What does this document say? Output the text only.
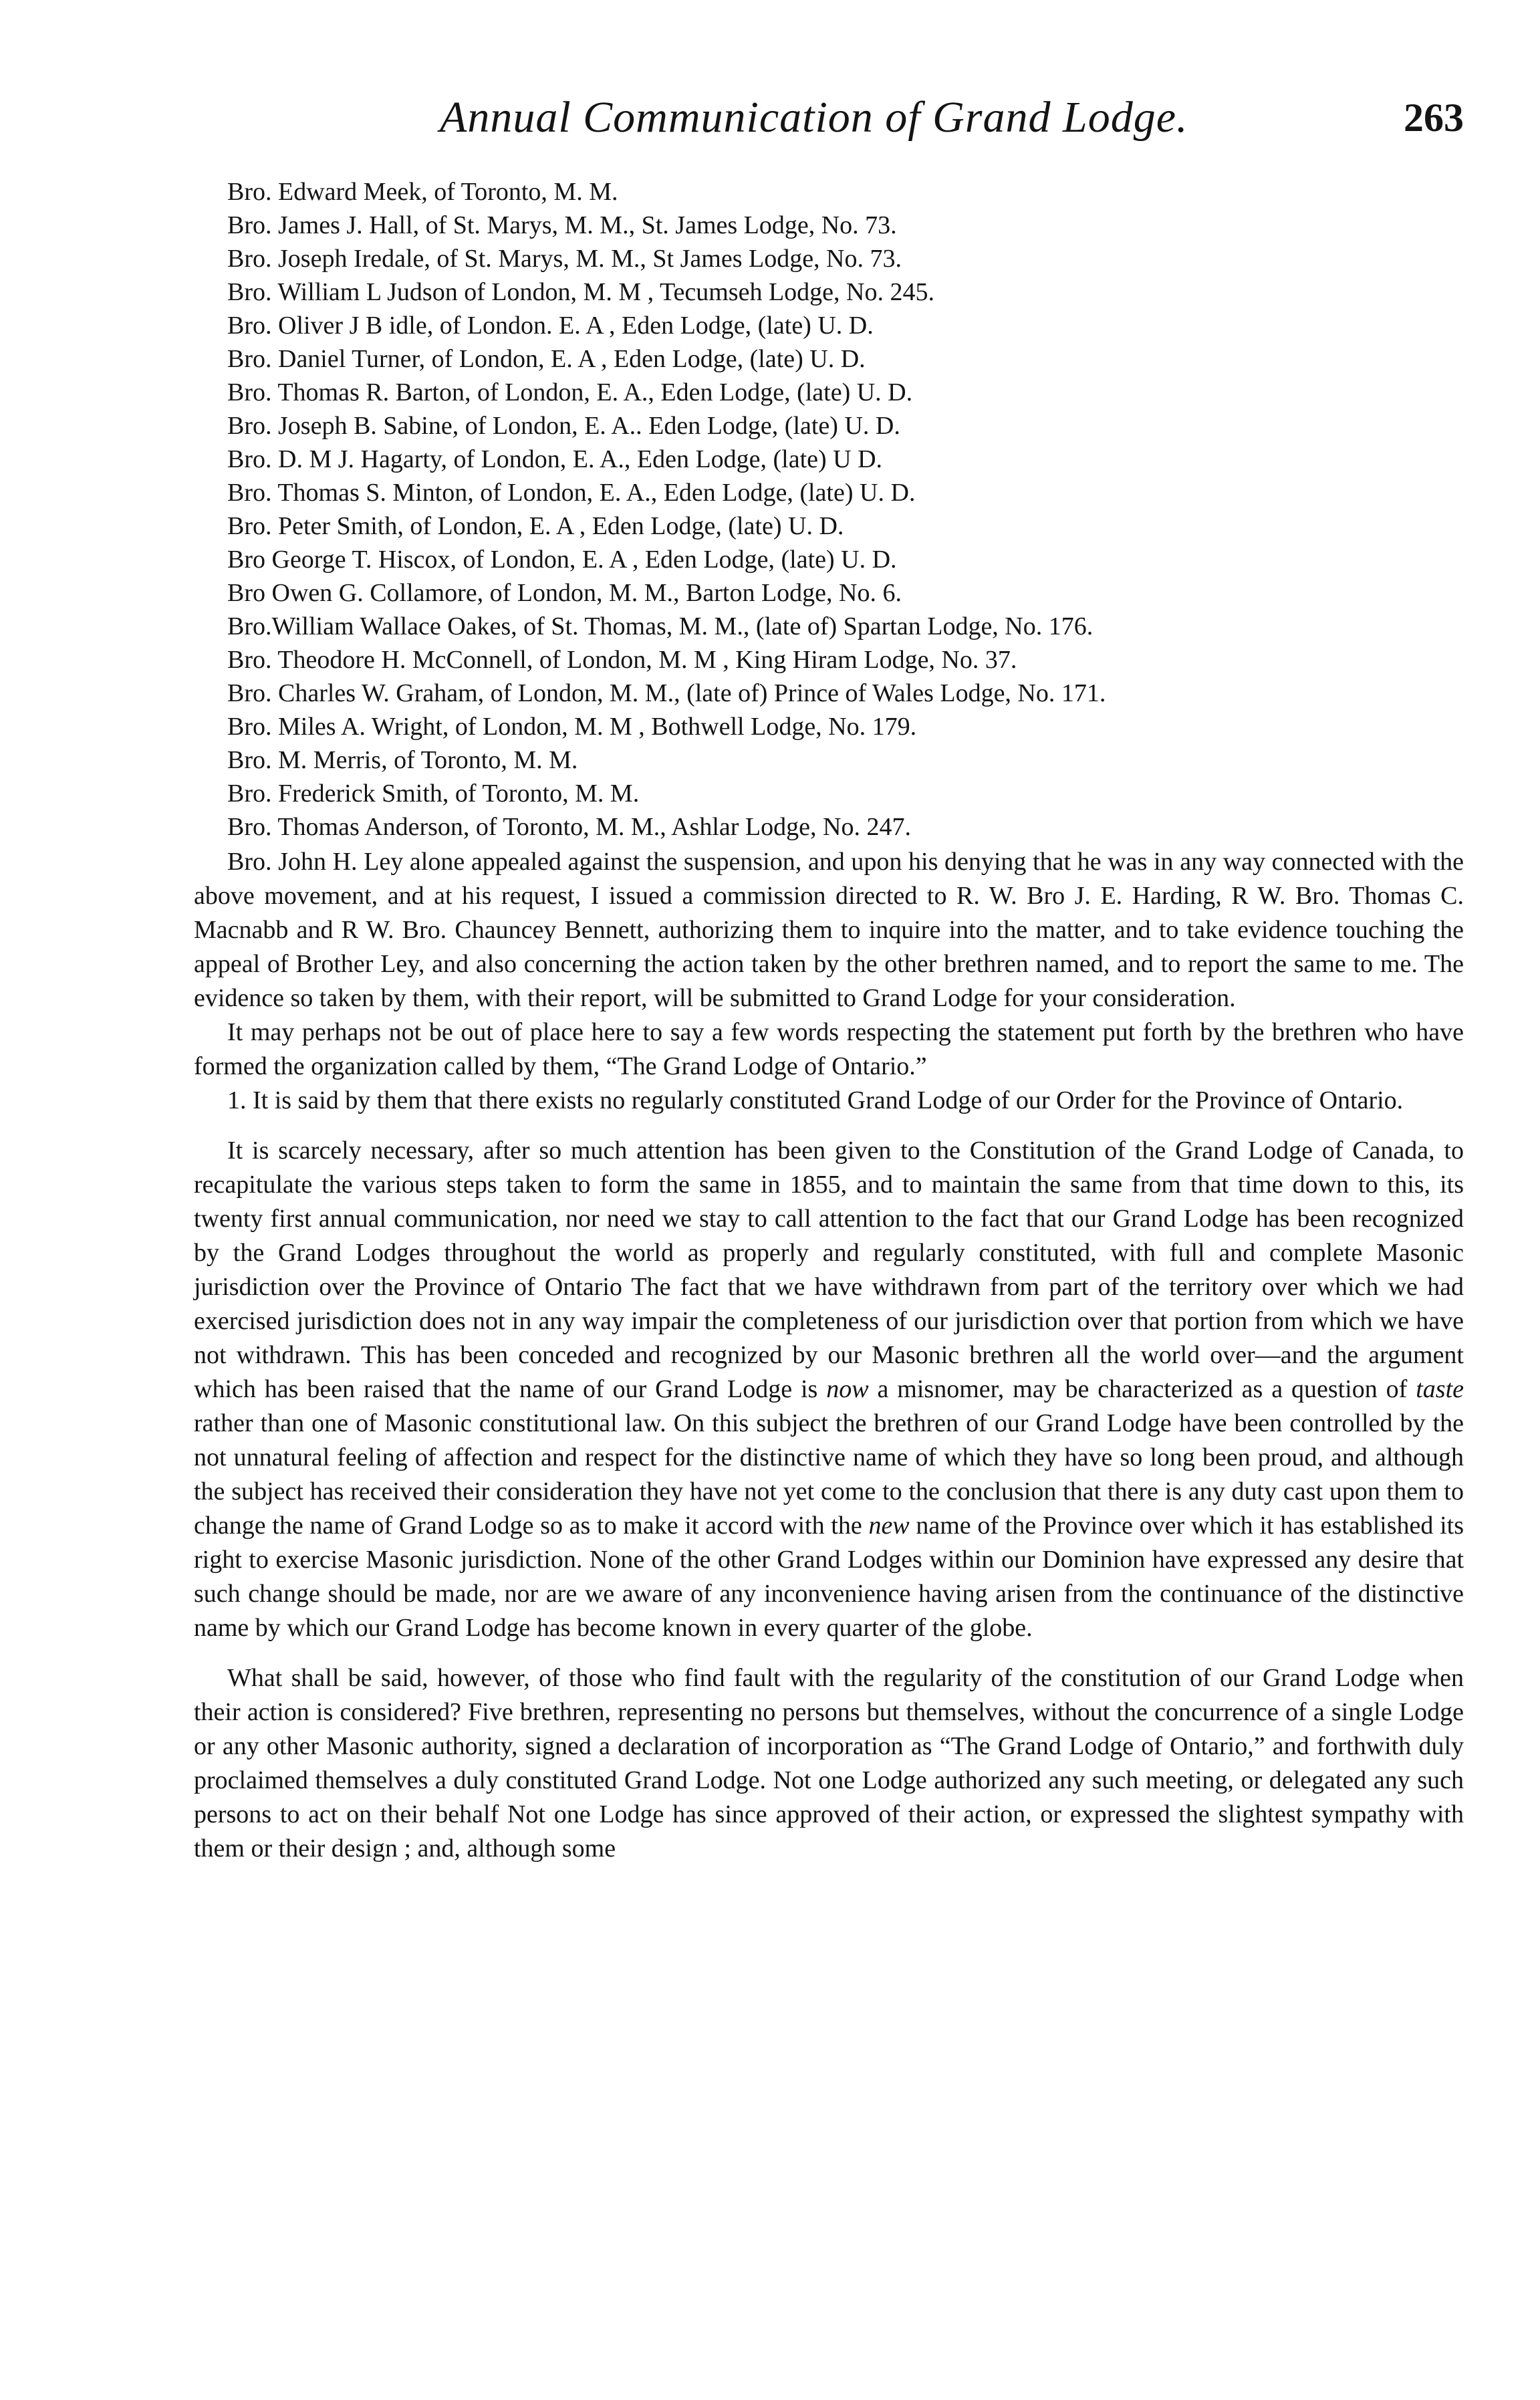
Annual Communication of Grand Lodge.	263
Bro. Edward Meek, of Toronto, M. M.
Bro. James J. Hall, of St. Marys, M. M., St. James Lodge, No. 73.
Bro. Joseph Iredale, of St. Marys, M. M., St James Lodge, No. 73.
Bro. William L Judson of London, M. M , Tecumseh Lodge, No. 245.
Bro. Oliver J B idle, of London. E. A , Eden Lodge, (late) U. D.
Bro. Daniel Turner, of London, E. A , Eden Lodge, (late) U. D.
Bro. Thomas R. Barton, of London, E. A., Eden Lodge, (late) U. D.
Bro. Joseph B. Sabine, of London, E. A.. Eden Lodge, (late) U. D.
Bro. D. M J. Hagarty, of London, E. A., Eden Lodge, (late) U D.
Bro. Thomas S. Minton, of London, E. A., Eden Lodge, (late) U. D.
Bro. Peter Smith, of London, E. A , Eden Lodge, (late) U. D.
Bro George T. Hiscox, of London, E. A , Eden Lodge, (late) U. D.
Bro Owen G. Collamore, of London, M. M., Barton Lodge, No. 6.
Bro.William Wallace Oakes, of St. Thomas, M. M., (late of) Spartan Lodge, No. 176.
Bro. Theodore H. McConnell, of London, M. M , King Hiram Lodge, No. 37.
Bro. Charles W. Graham, of London, M. M., (late of) Prince of Wales Lodge, No. 171.
Bro. Miles A. Wright, of London, M. M , Bothwell Lodge, No. 179.
Bro. M. Merris, of Toronto, M. M.
Bro. Frederick Smith, of Toronto, M. M.
Bro. Thomas Anderson, of Toronto, M. M., Ashlar Lodge, No. 247.

Bro. John H. Ley alone appealed against the suspension, and upon his denying that he was in any way connected with the above movement, and at his request, I issued a commission directed to R. W. Bro J. E. Harding, R W. Bro. Thomas C. Macnabb and R W. Bro. Chauncey Bennett, authorizing them to inquire into the matter, and to take evidence touching the appeal of Brother Ley, and also concerning the action taken by the other brethren named, and to report the same to me. The evidence so taken by them, with their report, will be submitted to Grand Lodge for your consideration.

It may perhaps not be out of place here to say a few words respecting the statement put forth by the brethren who have formed the organization called by them, “The Grand Lodge of Ontario.”

1. It is said by them that there exists no regularly constituted Grand Lodge of our Order for the Province of Ontario.

It is scarcely necessary, after so much attention has been given to the Constitution of the Grand Lodge of Canada, to recapitulate the various steps taken to form the same in 1855, and to maintain the same from that time down to this, its twenty first annual communication, nor need we stay to call attention to the fact that our Grand Lodge has been recognized by the Grand Lodges throughout the world as properly and regularly constituted, with full and complete Masonic jurisdiction over the Province of Ontario The fact that we have withdrawn from part of the territory over which we had exercised jurisdiction does not in any way impair the completeness of our jurisdiction over that portion from which we have not withdrawn. This has been conceded and recognized by our Masonic brethren all the world over—and the argument which has been raised that the name of our Grand Lodge is now a misnomer, may be characterized as a question of taste rather than one of Masonic constitutional law. On this subject the brethren of our Grand Lodge have been controlled by the not unnatural feeling of affection and respect for the distinctive name of which they have so long been proud, and although the subject has received their consideration they have not yet come to the conclusion that there is any duty cast upon them to change the name of Grand Lodge so as to make it accord with the new name of the Province over which it has established its right to exercise Masonic jurisdiction. None of the other Grand Lodges within our Dominion have expressed any desire that such change should be made, nor are we aware of any inconvenience having arisen from the continuance of the distinctive name by which our Grand Lodge has become known in every quarter of the globe.

What shall be said, however, of those who find fault with the regularity of the constitution of our Grand Lodge when their action is considered? Five brethren, representing no persons but themselves, without the concurrence of a single Lodge or any other Masonic authority, signed a declaration of incorporation as “The Grand Lodge of Ontario,” and forthwith duly proclaimed themselves a duly constituted Grand Lodge. Not one Lodge authorized any such meeting, or delegated any such persons to act on their behalf Not one Lodge has since approved of their action, or expressed the slightest sympathy with them or their design ; and, although some
